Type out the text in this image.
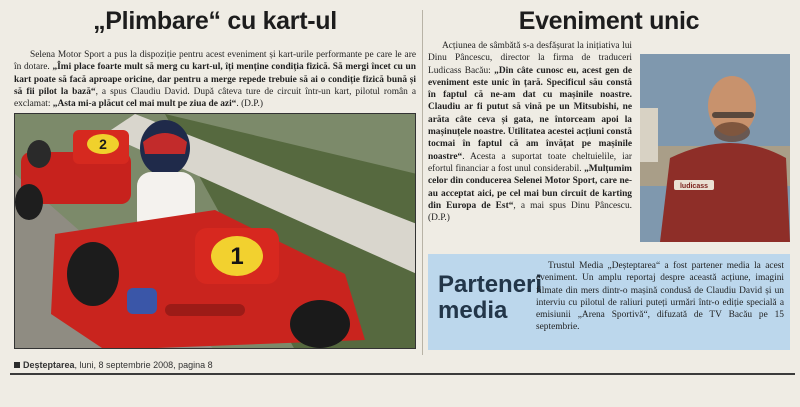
„Plimbare“ cu kart-ul

Selena Motor Sport a pus la dispoziție pentru acest eveniment și kart-urile performante pe care le are în dotare. „Îmi place foarte mult să merg cu kart-ul, îți menține condiția fizică. Să mergi încet cu un kart poate să facă aproape oricine, dar pentru a merge repede trebuie să ai o condiție fizică bună și să fii pilot la bază“, a spus Claudiu David. După câteva ture de circuit într-un kart, pilotul român a exclamat: „Asta mi-a plăcut cel mai mult pe ziua de azi“. (D.P.)

2
1
Eveniment unic

Acțiunea de sâmbătă s-a desfășurat la inițiativa lui Dinu Pâncescu, director la firma de traduceri Ludicass Bacău: „Din câte cunosc eu, acest gen de eveniment este unic în țară. Specificul său constă în faptul că ne-am dat cu mașinile noastre. Claudiu ar fi putut să vină pe un Mitsubishi, ne arăta câte ceva și gata, ne întorceam apoi la mașinuțele noastre. Utilitatea acestei acțiuni constă tocmai în faptul că am învățat pe mașinile noastre“. Acesta a suportat toate cheltuielile, iar efortul financiar a fost unul considerabil. „Mulțumim celor din conducerea Selenei Motor Sport, care ne-au acceptat aici, pe cel mai bun circuit de karting din Europa de Est“, a mai spus Dinu Pâncescu. (D.P.)

ludicass
Parteneri
media

Trustul Media „Deșteptarea“ a fost partener media la acest eveniment. Un amplu reportaj despre această acțiune, imagini filmate din mers dintr-o mașină condusă de Claudiu David și un interviu cu pilotul de raliuri puteți urmări într-o ediție specială a emisiunii „Arena Sportivă“, difuzată de TV Bacău pe 15 septembrie.

Deșteptarea, luni, 8 septembrie 2008, pagina 8
